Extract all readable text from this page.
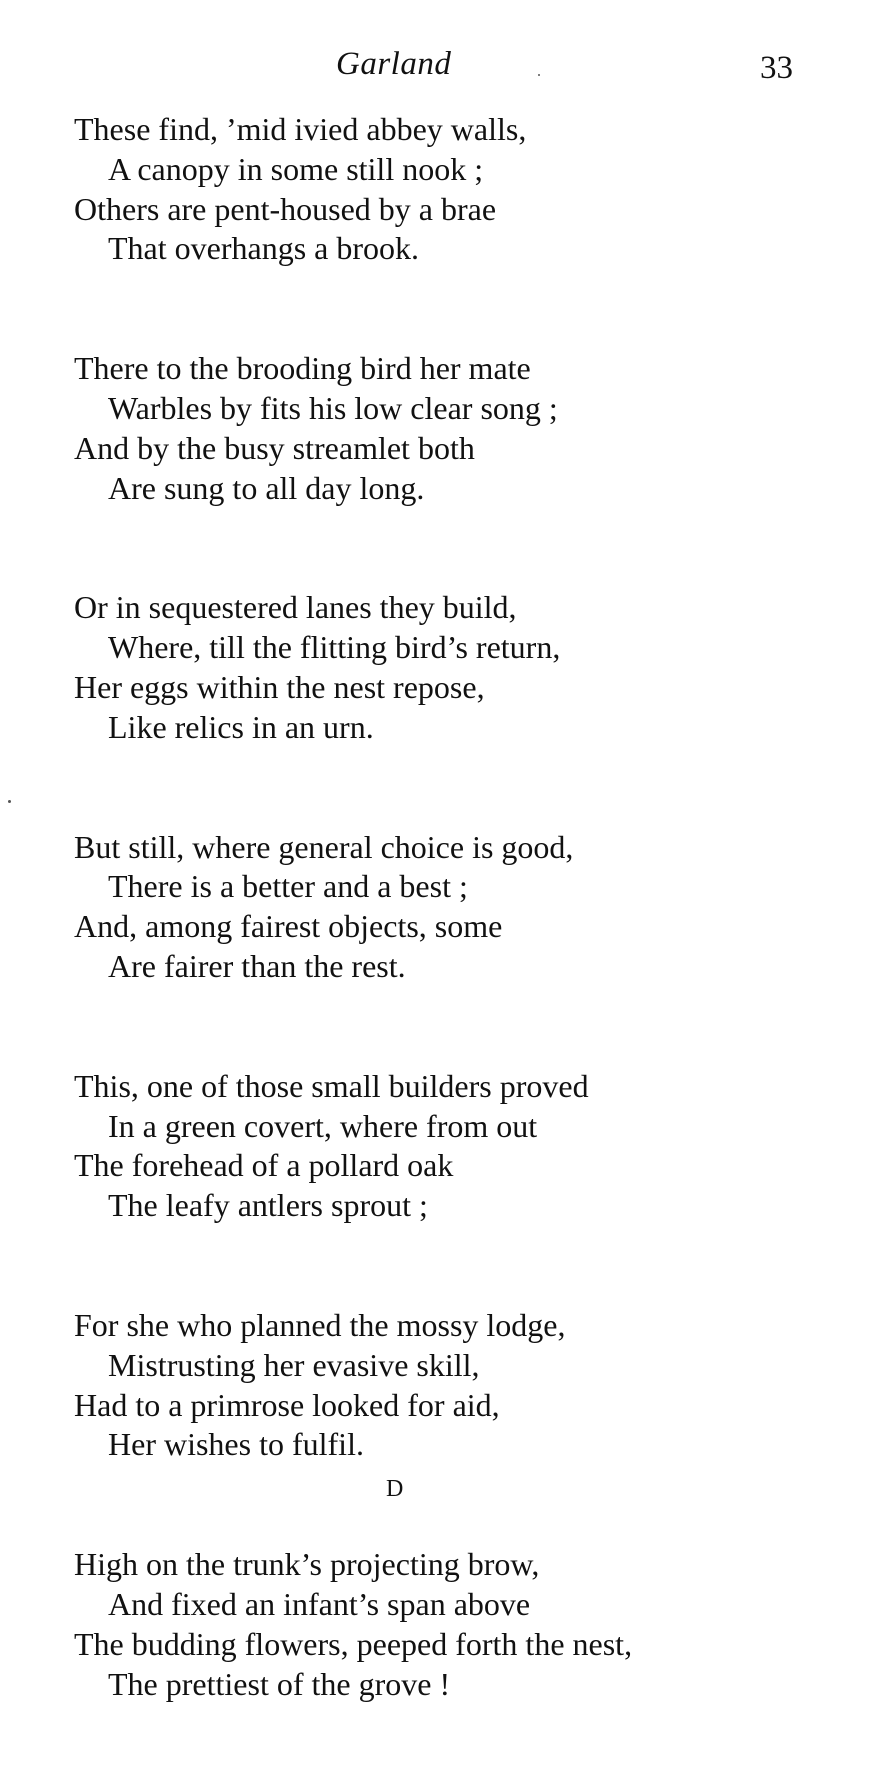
Garland	33
These find, ’mid ivied abbey walls,
A canopy in some still nook ;
Others are pent-housed by a brae
That overhangs a brook.
There to the brooding bird her mate
Warbles by fits his low clear song ;
And by the busy streamlet both
Are sung to all day long.
Or in sequestered lanes they build,
Where, till the flitting bird’s return,
Her eggs within the nest repose,
Like relics in an urn.
But still, where general choice is good,
There is a better and a best ;
And, among fairest objects, some
Are fairer than the rest.
This, one of those small builders proved
In a green covert, where from out
The forehead of a pollard oak
The leafy antlers sprout ;
For she who planned the mossy lodge,
Mistrusting her evasive skill,
Had to a primrose looked for aid,
Her wishes to fulfil.
High on the trunk’s projecting brow,
And fixed an infant’s span above
The budding flowers, peeped forth the nest,
The prettiest of the grove !
D
